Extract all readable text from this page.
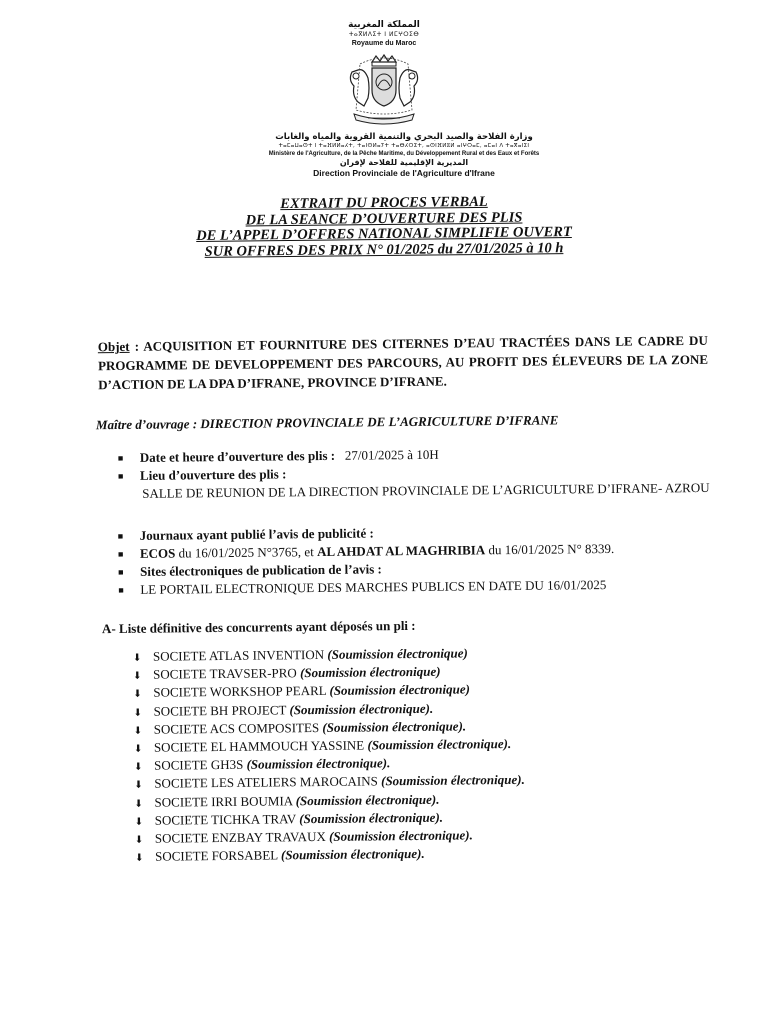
المملكة المغربية
ⵜⴰⴳⵍⴷⵉⵜ ⵏ ⵍⵎⵖⵔⵉⴱ
Royaume du Maroc
وزارة الفلاحة والصيد البحري والتنمية القروية والمياه والغابات
ⵜⴰⵎⴰⵡⴰⵙⵜ ⵏ ⵜⴰⴼⵍⵍⴰⵃⵜ, ⵜⴰⵏⵙⵍⴰⵢⵜ ⵜⴰⴱⵃⵔⵉⵜ, ⴰⵙⵏⴼⵍⵓⵍ ⴰⵏⵖⵔⴰⵎ, ⴰⵎⴰⵏ ⴷ ⵜⴰⴳⴰⵏⵉⵏ
Ministère de l'Agriculture, de la Pêche Maritime, du Développement Rural et des Eaux et Forêts
المديرية الإقليمية للفلاحة لإفران
Direction Provinciale de l'Agriculture d'Ifrane
EXTRAIT DU PROCES VERBAL
DE LA SEANCE D’OUVERTURE DES PLIS
DE L’APPEL D’OFFRES NATIONAL SIMPLIFIE OUVERT
SUR OFFRES DES PRIX N° 01/2025 du 27/01/2025 à 10 h
Objet : ACQUISITION ET FOURNITURE DES CITERNES D’EAU TRACTÉES DANS LE CADRE DU PROGRAMME DE DEVELOPPEMENT DES PARCOURS, AU PROFIT DES ÉLEVEURS DE LA ZONE D’ACTION DE LA DPA D’IFRANE, PROVINCE D’IFRANE.
Maître d’ouvrage : DIRECTION PROVINCIALE DE L’AGRICULTURE D’IFRANE
■ Date et heure d’ouverture des plis : 27/01/2025 à 10H
■ Lieu d’ouverture des plis :
SALLE DE REUNION DE LA DIRECTION PROVINCIALE DE L’AGRICULTURE D’IFRANE- AZROU
■ Journaux ayant publié l’avis de publicité :
■ ECOS du 16/01/2025 N°3765, et AL AHDAT AL MAGHRIBIA du 16/01/2025 N° 8339.
■ Sites électroniques de publication de l’avis :
■ LE PORTAIL ELECTRONIQUE DES MARCHES PUBLICS EN DATE DU 16/01/2025
A- Liste définitive des concurrents ayant déposés un pli :
⬇ SOCIETE ATLAS INVENTION (Soumission électronique)
⬇ SOCIETE TRAVSER-PRO (Soumission électronique)
⬇ SOCIETE WORKSHOP PEARL (Soumission électronique)
⬇ SOCIETE BH PROJECT (Soumission électronique).
⬇ SOCIETE ACS COMPOSITES (Soumission électronique).
⬇ SOCIETE EL HAMMOUCH YASSINE (Soumission électronique).
⬇ SOCIETE GH3S (Soumission électronique).
⬇ SOCIETE LES ATELIERS MAROCAINS (Soumission électronique).
⬇ SOCIETE IRRI BOUMIA (Soumission électronique).
⬇ SOCIETE TICHKA TRAV (Soumission électronique).
⬇ SOCIETE ENZBAY TRAVAUX (Soumission électronique).
⬇ SOCIETE FORSABEL (Soumission électronique).
